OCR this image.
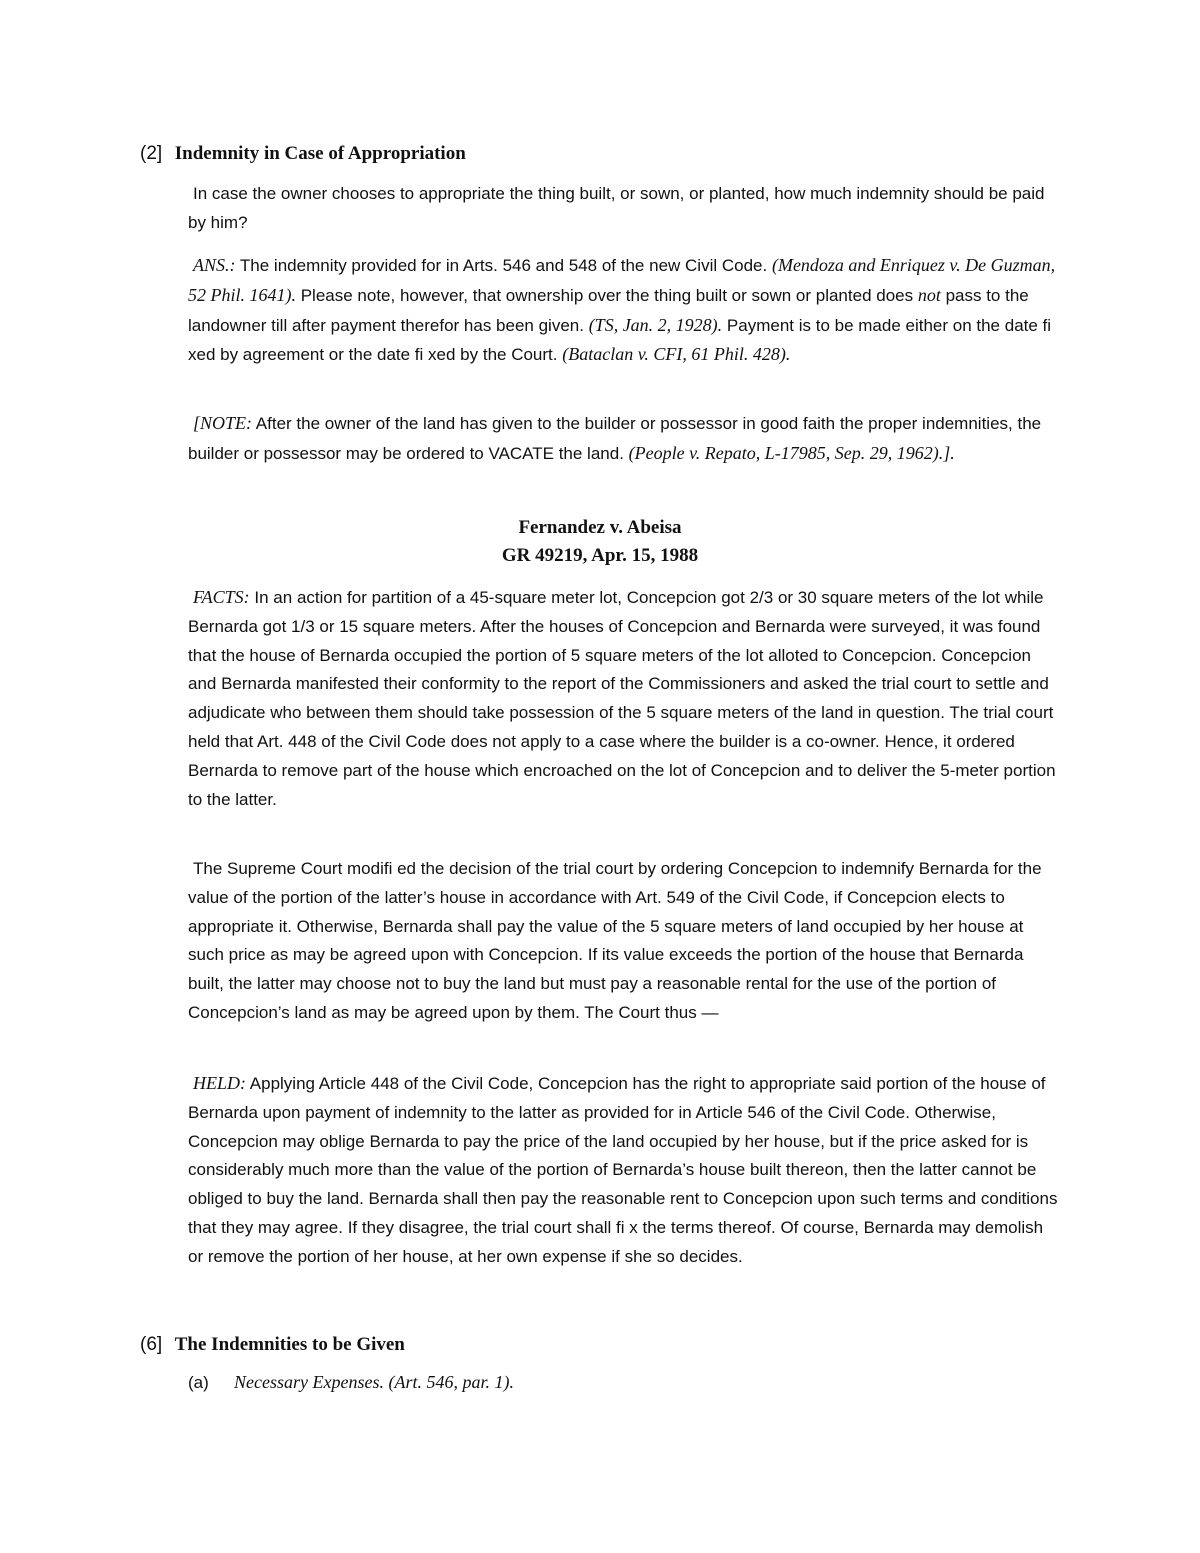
(2] Indemnity in Case of Appropriation
In case the owner chooses to appropriate the thing built, or sown, or planted, how much indemnity should be paid by him?
ANS.: The indemnity provided for in Arts. 546 and 548 of the new Civil Code. (Mendoza and Enriquez v. De Guzman, 52 Phil. 1641). Please note, however, that ownership over the thing built or sown or planted does not pass to the landowner till after payment therefor has been given. (TS, Jan. 2, 1928). Payment is to be made either on the date fi xed by agreement or the date fi xed by the Court. (Bataclan v. CFI, 61 Phil. 428).
[NOTE: After the owner of the land has given to the builder or possessor in good faith the proper indemnities, the builder or possessor may be ordered to VACATE the land. (People v. Repato, L-17985, Sep. 29, 1962).].
Fernandez v. Abeisa
GR 49219, Apr. 15, 1988
FACTS: In an action for partition of a 45-square meter lot, Concepcion got 2/3 or 30 square meters of the lot while Bernarda got 1/3 or 15 square meters. After the houses of Concepcion and Bernarda were surveyed, it was found that the house of Bernarda occupied the portion of 5 square meters of the lot alloted to Concepcion. Concepcion and Bernarda manifested their conformity to the report of the Commissioners and asked the trial court to settle and adjudicate who between them should take possession of the 5 square meters of the land in question. The trial court held that Art. 448 of the Civil Code does not apply to a case where the builder is a co-owner. Hence, it ordered Bernarda to remove part of the house which encroached on the lot of Concepcion and to deliver the 5-meter portion to the latter.
The Supreme Court modifi ed the decision of the trial court by ordering Concepcion to indemnify Bernarda for the value of the portion of the latter’s house in accordance with Art. 549 of the Civil Code, if Concepcion elects to appropriate it. Otherwise, Bernarda shall pay the value of the 5 square meters of land occupied by her house at such price as may be agreed upon with Concepcion. If its value exceeds the portion of the house that Bernarda built, the latter may choose not to buy the land but must pay a reasonable rental for the use of the portion of Concepcion’s land as may be agreed upon by them. The Court thus —
HELD: Applying Article 448 of the Civil Code, Concepcion has the right to appropriate said portion of the house of Bernarda upon payment of indemnity to the latter as provided for in Article 546 of the Civil Code. Otherwise, Concepcion may oblige Bernarda to pay the price of the land occupied by her house, but if the price asked for is considerably much more than the value of the portion of Bernarda’s house built thereon, then the latter cannot be obliged to buy the land. Bernarda shall then pay the reasonable rent to Concepcion upon such terms and conditions that they may agree. If they disagree, the trial court shall fi x the terms thereof. Of course, Bernarda may demolish or remove the portion of her house, at her own expense if she so decides.
(6] The Indemnities to be Given
(a) Necessary Expenses. (Art. 546, par. 1).
